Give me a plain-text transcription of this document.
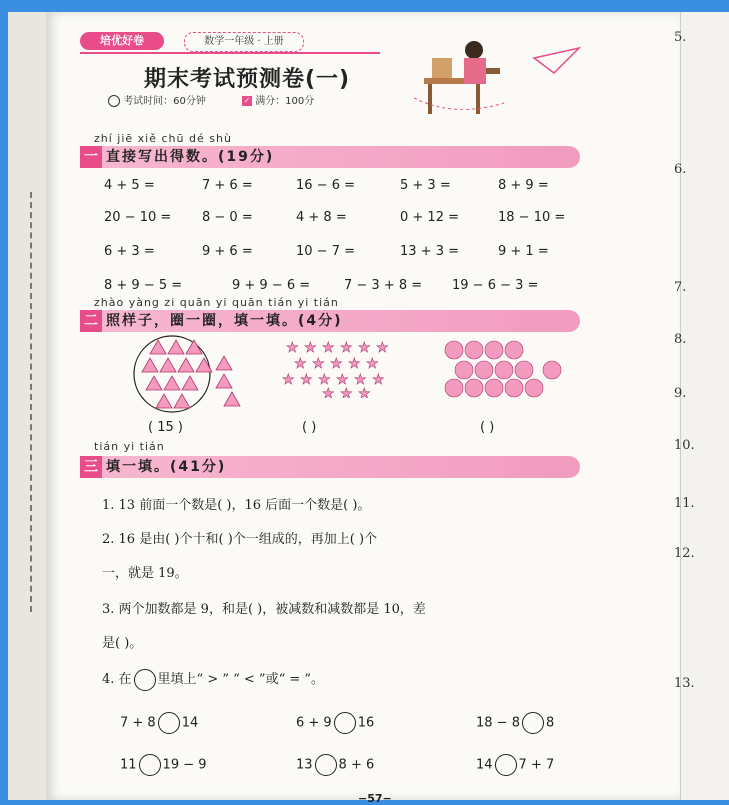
培优好卷	数学一年级 · 上册
期末考试预测卷(一)
考试时间：60分钟	✓ 满分：100分
zhí jiē xiě chū dé shù
一 直接写出得数。(19分)
4 + 5 =	7 + 6 =	16 − 6 =	5 + 3 =	8 + 9 =
20 − 10 = 8 − 0 =	4 + 8 =	0 + 12 =	18 − 10 =
6 + 3 =	9 + 6 =	10 − 7 =	13 + 3 =	9 + 1 =
8 + 9 − 5 =	9 + 9 − 6 =	7 − 3 + 8 = 19 − 6 − 3 =
zhào yàng zi quān yi quān tián yi tián
二 照样子，圈一圈，填一填。(4分)
★ ★ ★ ★ ★ ★
★ ★ ★ ★ ★
★ ★ ★ ★ ★ ★
★ ★ ★
( 15 )	( )	( )
tián yi tián
三 填一填。(41分)
1. 13 前面一个数是( )，16 后面一个数是( )。
2. 16 是由( )个十和( )个一组成的，再加上( )个
一，就是 19。
3. 两个加数都是 9，和是( )，被减数和减数都是 10，差
是( )。
4. 在 里填上“ > ” “ < ”或“ = ”。
7 + 8 14	6 + 9 16	18 − 8 8
11 19 − 9	13 8 + 6	14 7 + 7
−57−
5.
6.
7.
8.
9.
10.
11.
12.
13.
